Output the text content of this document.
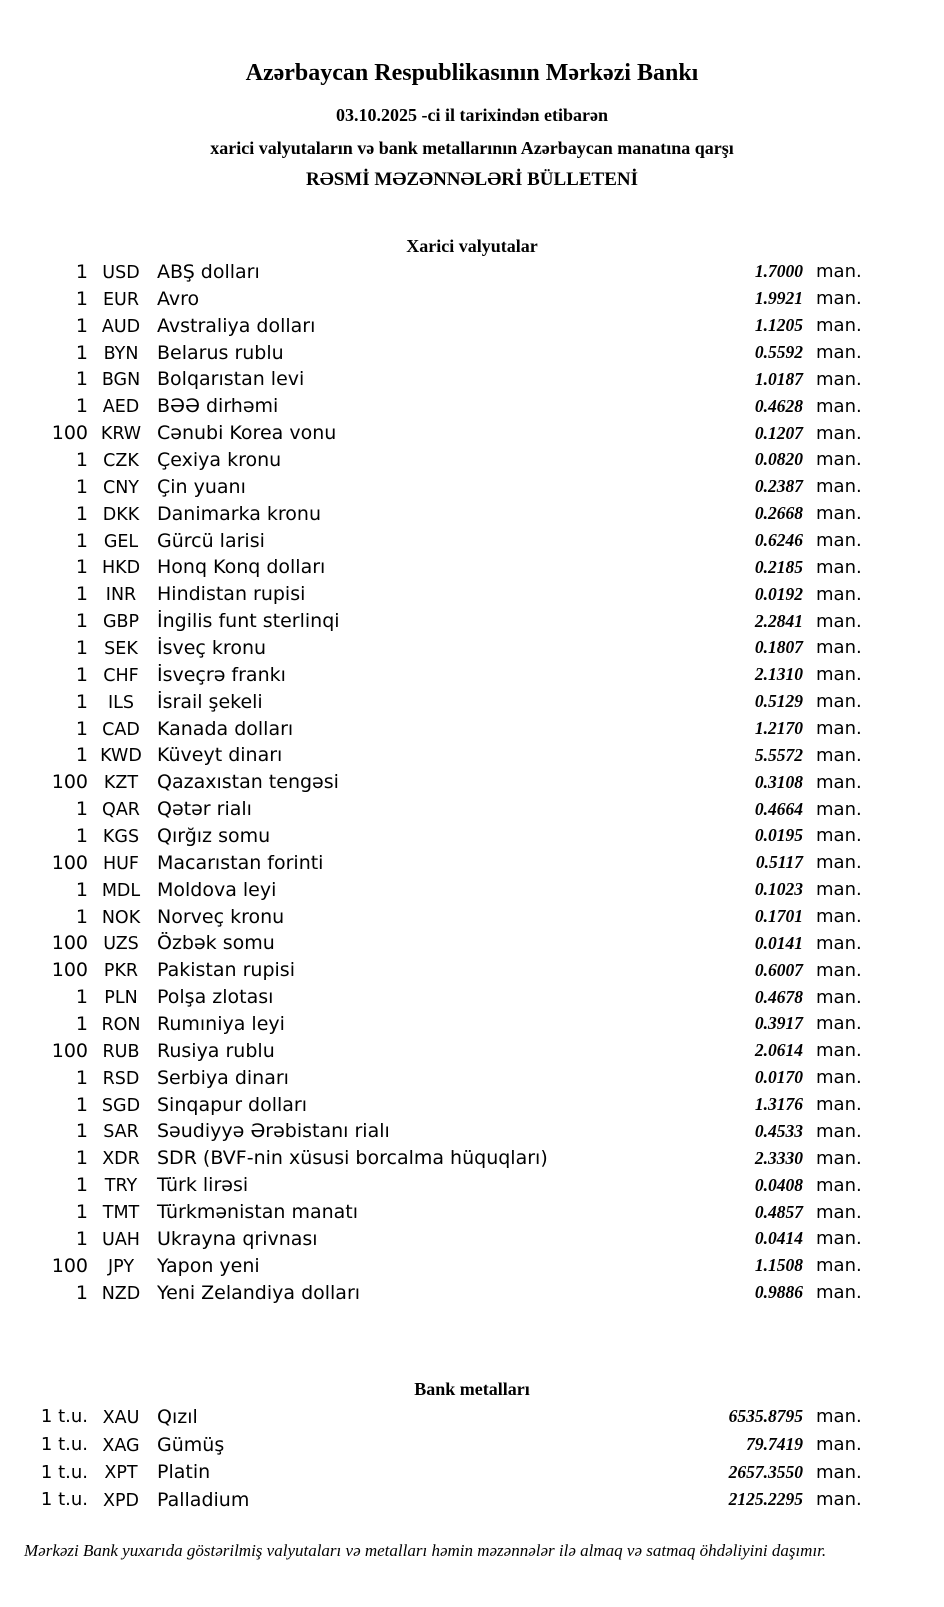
Azərbaycan Respublikasının Mərkəzi Bankı
03.10.2025 -ci il tarixindən etibarən
xarici valyutaların və bank metallarının Azərbaycan manatına qarşı
RƏSMİ MƏZƏNNƏLƏRİ BÜLLETENİ
Xarici valyutalar
1 USD ABŞ dolları	1.7000 man.
1 EUR Avro	1.9921 man.
1 AUD Avstraliya dolları	1.1205 man.
1 BYN Belarus rublu	0.5592 man.
1 BGN Bolqarıstan levi	1.0187 man.
1 AED BƏƏ dirhəmi	0.4628 man.
100 KRW Cənubi Korea vonu	0.1207 man.
1 CZK Çexiya kronu	0.0820 man.
1 CNY Çin yuanı	0.2387 man.
1 DKK Danimarka kronu	0.2668 man.
1 GEL Gürcü larisi	0.6246 man.
1 HKD Honq Konq dolları	0.2185 man.
1	INR	Hindistan rupisi	0.0192 man.
1 GBP İngilis funt sterlinqi	2.2841 man.
1 SEK	İsveç kronu	0.1807 man.
1 CHF İsveçrə frankı	2.1310 man.
1	ILS	İsrail şekeli	0.5129 man.
1 CAD Kanada dolları	1.2170 man.
1 KWD Küveyt dinarı	5.5572 man.
100 KZT Qazaxıstan tengəsi	0.3108 man.
1 QAR Qətər rialı	0.4664 man.
1 KGS Qırğız somu	0.0195 man.
100 HUF Macarıstan forinti	0.5117 man.
1 MDL Moldova leyi	0.1023 man.
1 NOK Norveç kronu	0.1701 man.
100 UZS Özbək somu	0.0141 man.
100 PKR Pakistan rupisi	0.6007 man.
1 PLN	Polşa zlotası	0.4678 man.
1 RON Rumıniya leyi	0.3917 man.
100 RUB Rusiya rublu	2.0614 man.
1 RSD Serbiya dinarı	0.0170 man.
1 SGD Sinqapur dolları	1.3176 man.
1 SAR Səudiyyə Ərəbistanı rialı	0.4533 man.
1 XDR SDR (BVF-nin xüsusi borcalma hüquqları)	2.3330 man.
1 TRY	Türk lirəsi	0.0408 man.
1 TMT Türkmənistan manatı	0.4857 man.
1 UAH Ukrayna qrivnası	0.0414 man.
100	JPY	Yapon yeni	1.1508 man.
1 NZD Yeni Zelandiya dolları	0.9886 man.
Bank metalları
1 t.u. XAU Qızıl	6535.8795 man.
1 t.u. XAG Gümüş	79.7419 man.
1 t.u. XPT	Platin	2657.3550 man.
1 t.u. XPD Palladium	2125.2295 man.
Mərkəzi Bank yuxarıda göstərilmiş valyutaları və metalları həmin məzənnələr ilə almaq və satmaq öhdəliyini daşımır.
